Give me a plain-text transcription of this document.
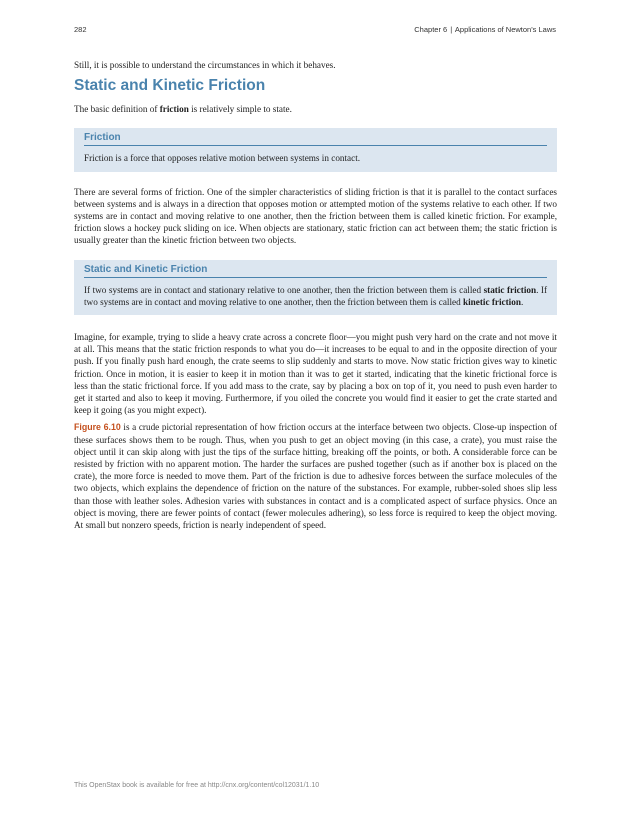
282	Chapter 6 | Applications of Newton's Laws

Still, it is possible to understand the circumstances in which it behaves.

Static and Kinetic Friction

The basic definition of friction is relatively simple to state.

Friction

Friction is a force that opposes relative motion between systems in contact.

There are several forms of friction. One of the simpler characteristics of sliding friction is that it is parallel to the contact surfaces between systems and is always in a direction that opposes motion or attempted motion of the systems relative to each other. If two systems are in contact and moving relative to one another, then the friction between them is called kinetic friction. For example, friction slows a hockey puck sliding on ice. When objects are stationary, static friction can act between them; the static friction is usually greater than the kinetic friction between two objects.

Static and Kinetic Friction

If two systems are in contact and stationary relative to one another, then the friction between them is called static friction. If two systems are in contact and moving relative to one another, then the friction between them is called kinetic friction.

Imagine, for example, trying to slide a heavy crate across a concrete floor—you might push very hard on the crate and not move it at all. This means that the static friction responds to what you do—it increases to be equal to and in the opposite direction of your push. If you finally push hard enough, the crate seems to slip suddenly and starts to move. Now static friction gives way to kinetic friction. Once in motion, it is easier to keep it in motion than it was to get it started, indicating that the kinetic frictional force is less than the static frictional force. If you add mass to the crate, say by placing a box on top of it, you need to push even harder to get it started and also to keep it moving. Furthermore, if you oiled the concrete you would find it easier to get the crate started and keep it going (as you might expect).

Figure 6.10 is a crude pictorial representation of how friction occurs at the interface between two objects. Close-up inspection of these surfaces shows them to be rough. Thus, when you push to get an object moving (in this case, a crate), you must raise the object until it can skip along with just the tips of the surface hitting, breaking off the points, or both. A considerable force can be resisted by friction with no apparent motion. The harder the surfaces are pushed together (such as if another box is placed on the crate), the more force is needed to move them. Part of the friction is due to adhesive forces between the surface molecules of the two objects, which explains the dependence of friction on the nature of the substances. For example, rubber-soled shoes slip less than those with leather soles. Adhesion varies with substances in contact and is a complicated aspect of surface physics. Once an object is moving, there are fewer points of contact (fewer molecules adhering), so less force is required to keep the object moving. At small but nonzero speeds, friction is nearly independent of speed.

This OpenStax book is available for free at http://cnx.org/content/col12031/1.10
